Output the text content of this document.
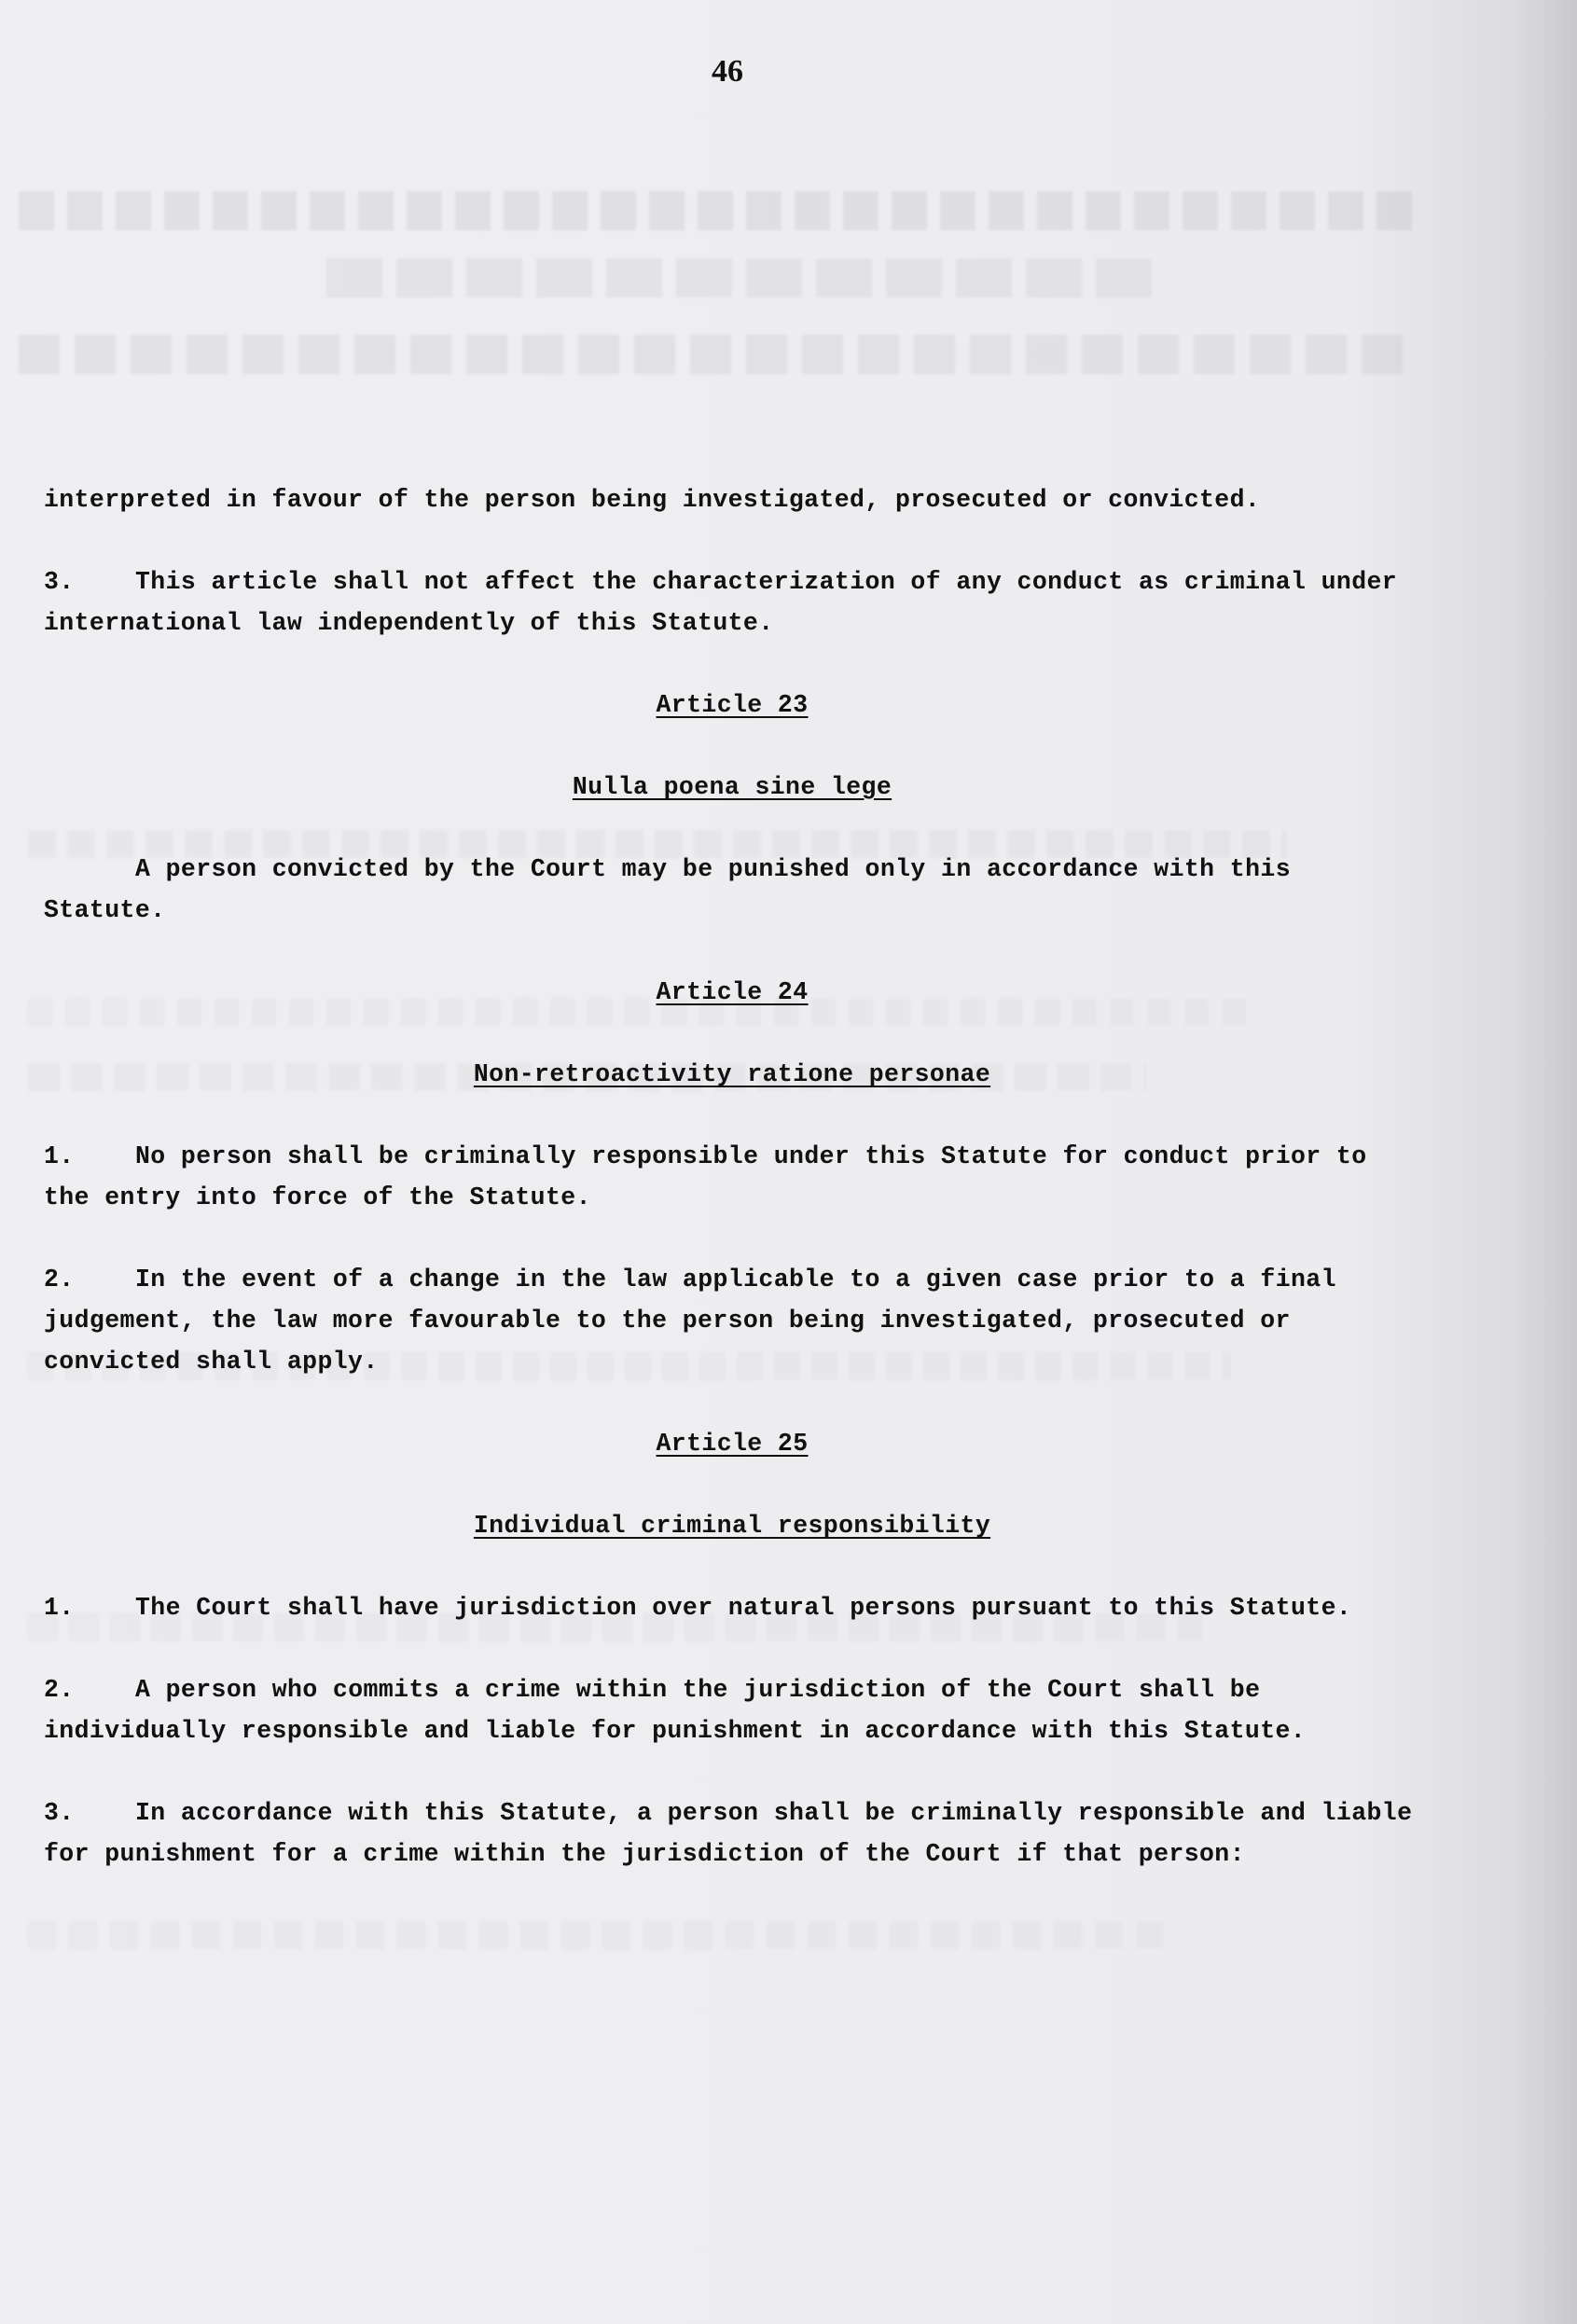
46

interpreted in favour of the person being investigated, prosecuted or convicted.

3. This article shall not affect the characterization of any conduct as criminal under international law independently of this Statute.

Article 23

Nulla poena sine lege

A person convicted by the Court may be punished only in accordance with this Statute.

Article 24

Non-retroactivity ratione personae

1. No person shall be criminally responsible under this Statute for conduct prior to the entry into force of the Statute.

2. In the event of a change in the law applicable to a given case prior to a final judgement, the law more favourable to the person being investigated, prosecuted or convicted shall apply.

Article 25

Individual criminal responsibility

1. The Court shall have jurisdiction over natural persons pursuant to this Statute.

2. A person who commits a crime within the jurisdiction of the Court shall be individually responsible and liable for punishment in accordance with this Statute.

3. In accordance with this Statute, a person shall be criminally responsible and liable for punishment for a crime within the jurisdiction of the Court if that person:
